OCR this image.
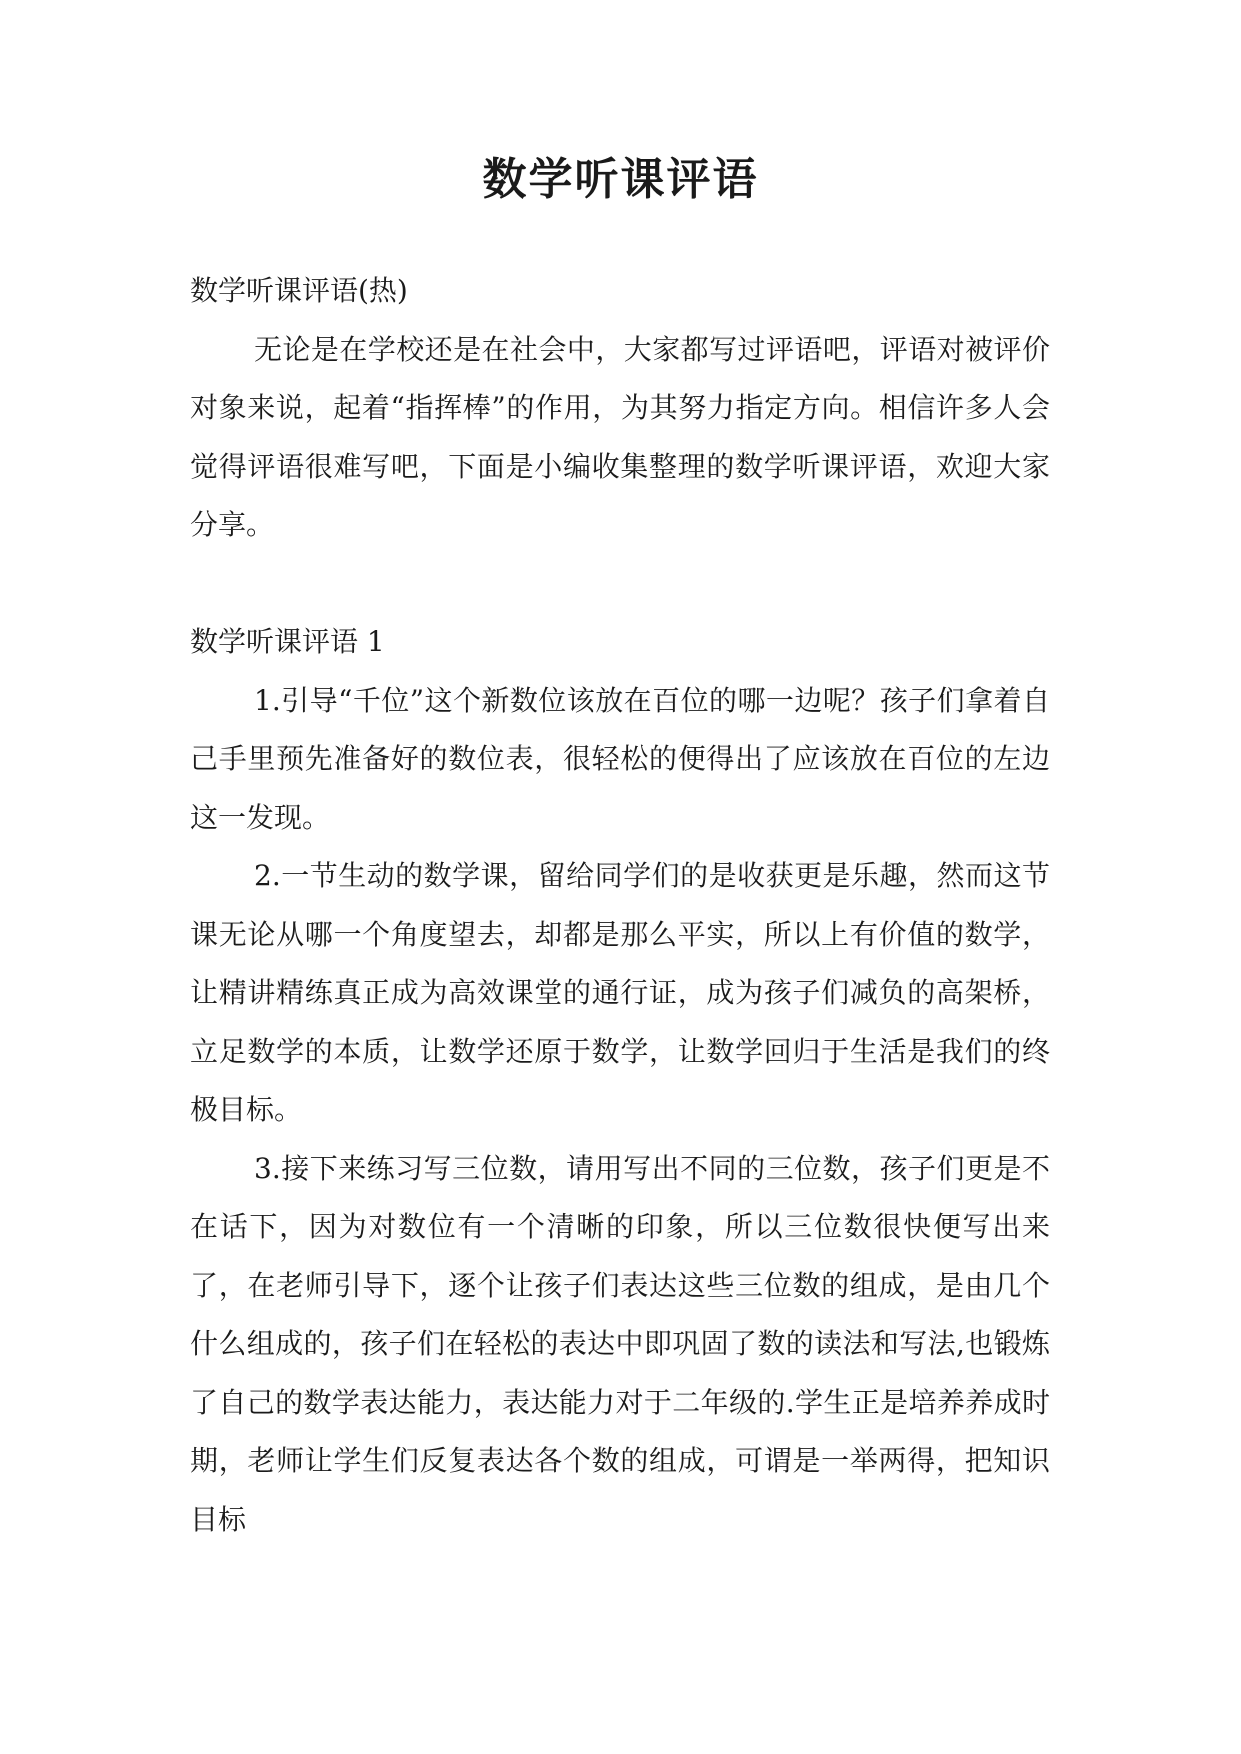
数学听课评语

数学听课评语(热)

无论是在学校还是在社会中，大家都写过评语吧，评语对被评价对象来说，起着“指挥棒”的作用，为其努力指定方向。相信许多人会觉得评语很难写吧，下面是小编收集整理的数学听课评语，欢迎大家分享。

数学听课评语 1

1.引导“千位”这个新数位该放在百位的哪一边呢？孩子们拿着自己手里预先准备好的数位表，很轻松的便得出了应该放在百位的左边这一发现。

2.一节生动的数学课，留给同学们的是收获更是乐趣，然而这节课无论从哪一个角度望去，却都是那么平实，所以上有价值的数学，让精讲精练真正成为高效课堂的通行证，成为孩子们减负的高架桥，立足数学的本质，让数学还原于数学，让数学回归于生活是我们的终极目标。

3.接下来练习写三位数，请用写出不同的三位数，孩子们更是不在话下，因为对数位有一个清晰的印象，所以三位数很快便写出来了，在老师引导下，逐个让孩子们表达这些三位数的组成，是由几个什么组成的，孩子们在轻松的表达中即巩固了数的读法和写法,也锻炼了自己的数学表达能力，表达能力对于二年级的.学生正是培养养成时期，老师让学生们反复表达各个数的组成，可谓是一举两得，把知识目标
